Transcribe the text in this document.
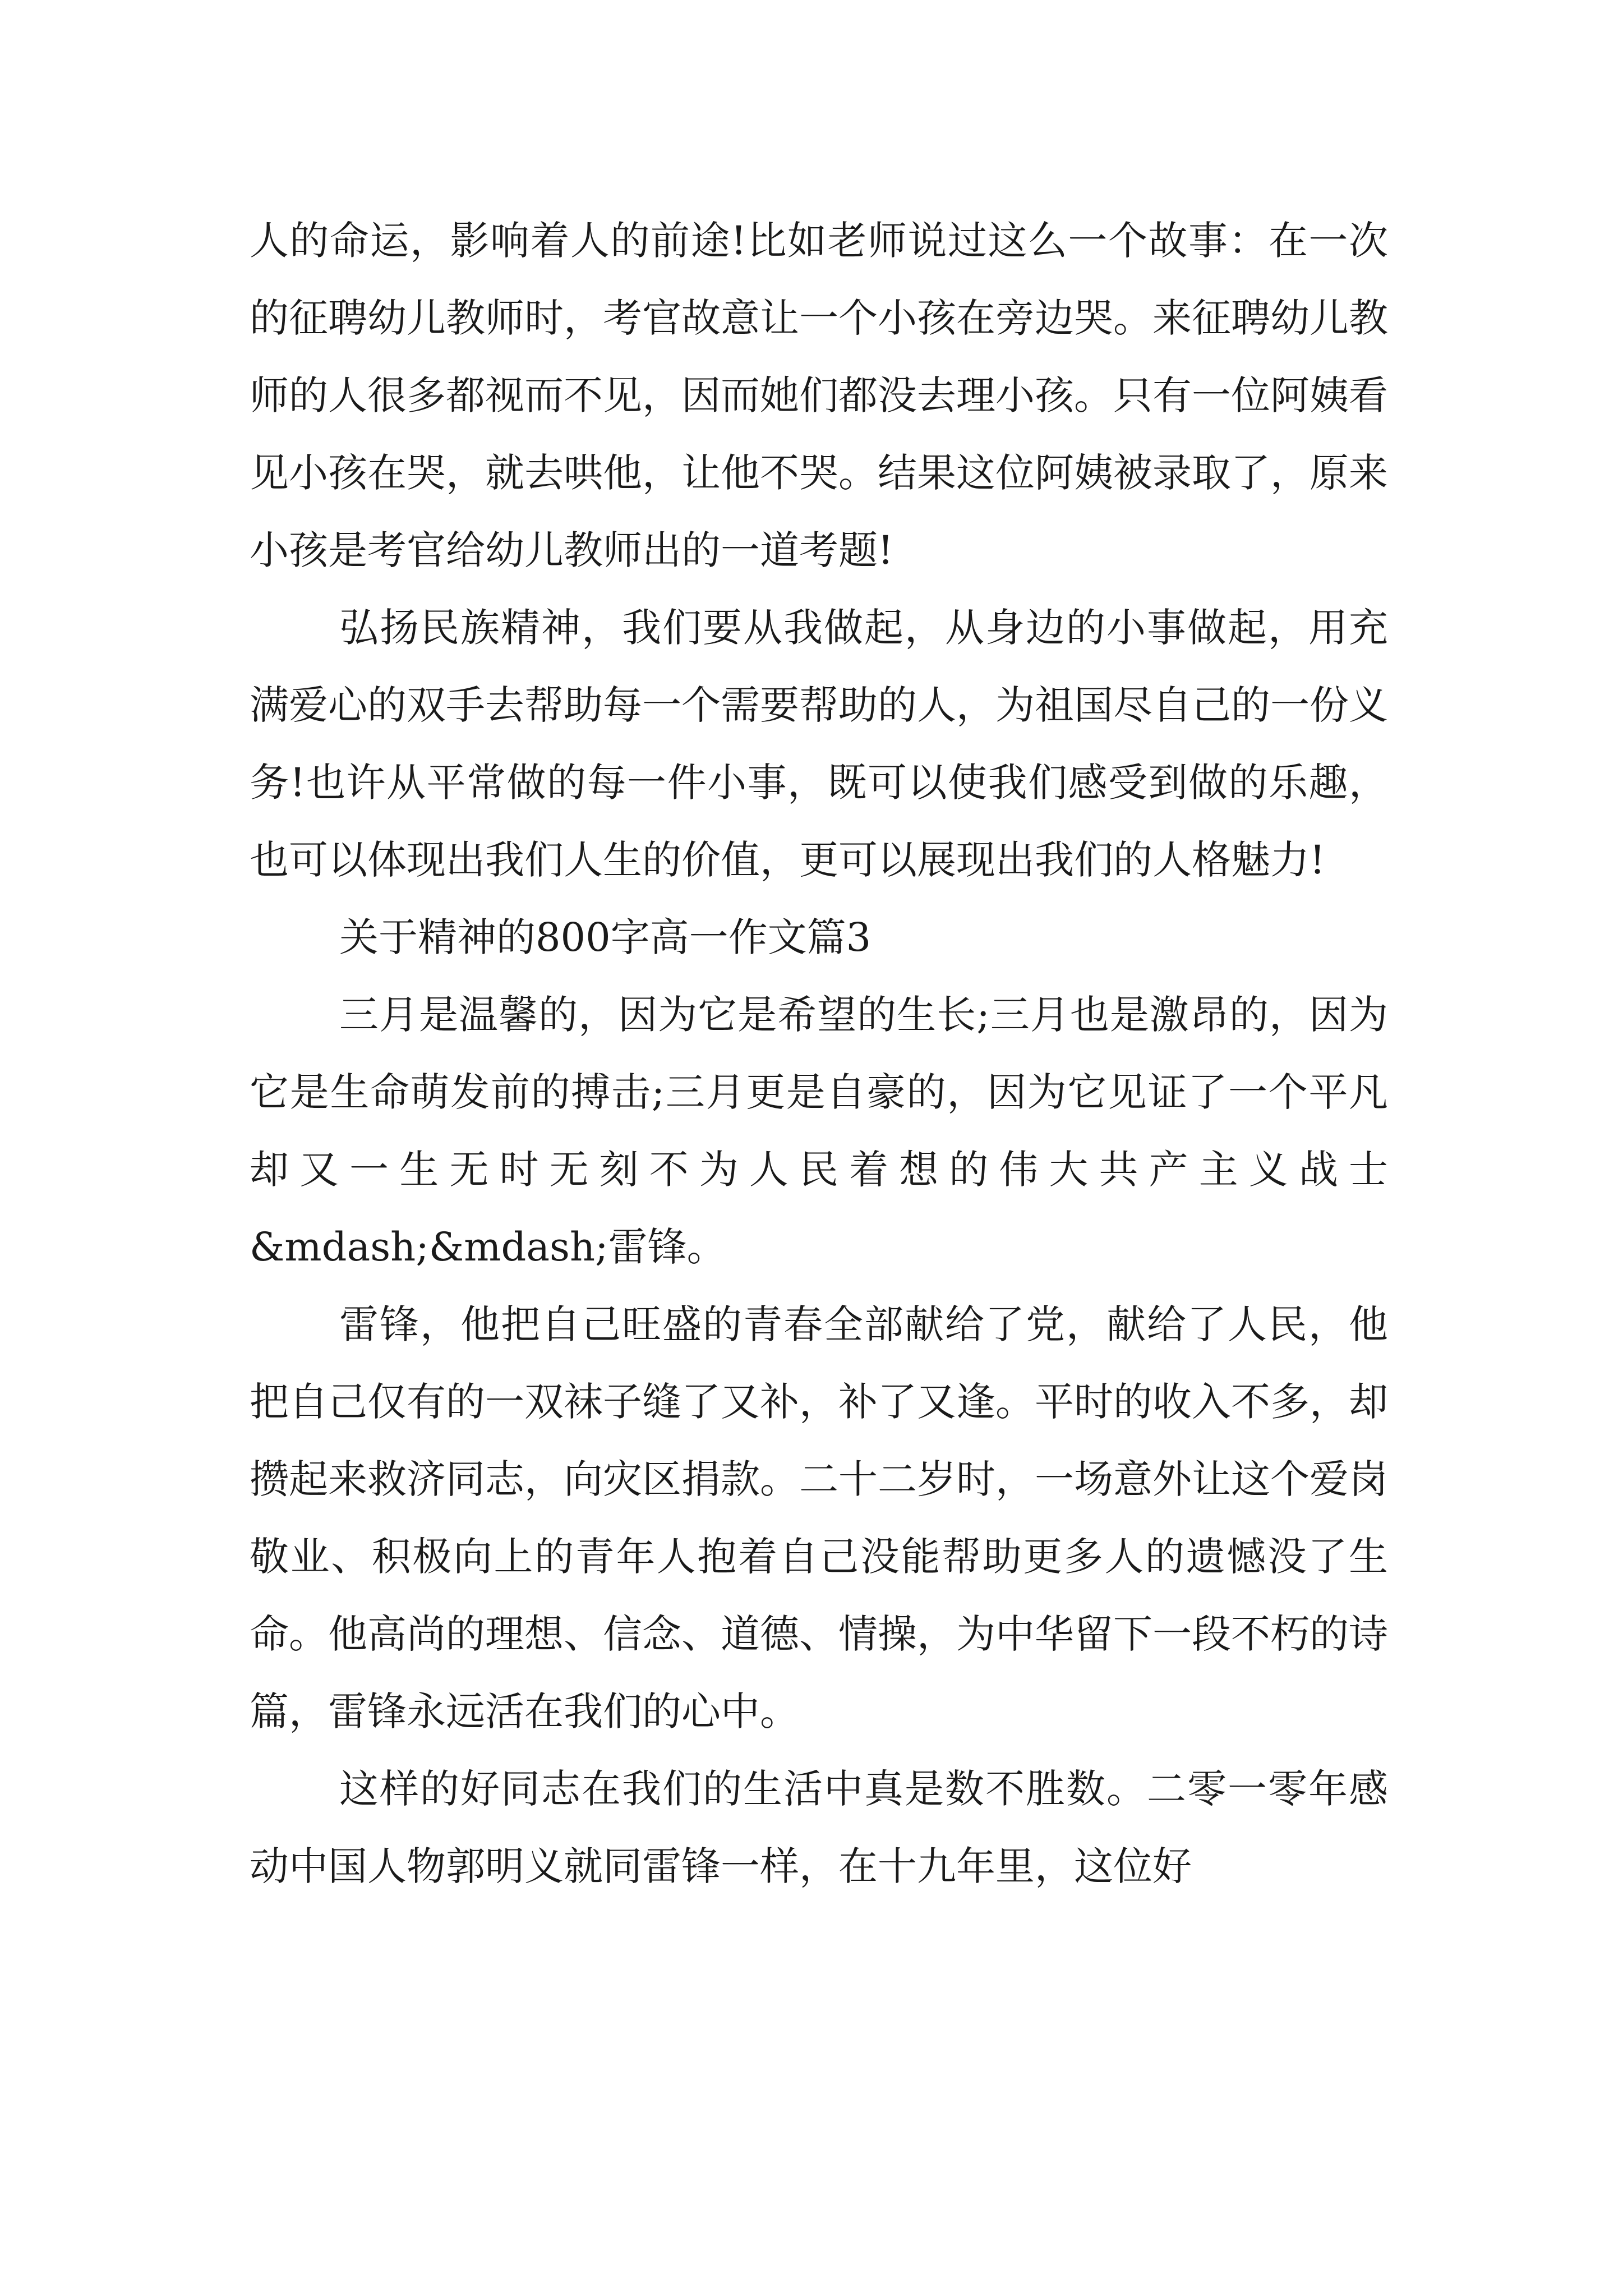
人的命运，影响着人的前途!比如老师说过这么一个故事：在一次的征聘幼儿教师时，考官故意让一个小孩在旁边哭。来征聘幼儿教师的人很多都视而不见，因而她们都没去理小孩。只有一位阿姨看见小孩在哭，就去哄他，让他不哭。结果这位阿姨被录取了，原来小孩是考官给幼儿教师出的一道考题!

弘扬民族精神，我们要从我做起，从身边的小事做起，用充满爱心的双手去帮助每一个需要帮助的人，为祖国尽自己的一份义务!也许从平常做的每一件小事，既可以使我们感受到做的乐趣，也可以体现出我们人生的价值，更可以展现出我们的人格魅力!

关于精神的800字高一作文篇3

三月是温馨的，因为它是希望的生长;三月也是激昂的，因为它是生命萌发前的搏击;三月更是自豪的，因为它见证了一个平凡却又一生无时无刻不为人民着想的伟大共产主义战士&mdash;&mdash;雷锋。

雷锋，他把自己旺盛的青春全部献给了党，献给了人民，他把自己仅有的一双袜子缝了又补，补了又逢。平时的收入不多，却攒起来救济同志，向灾区捐款。二十二岁时，一场意外让这个爱岗敬业、积极向上的青年人抱着自己没能帮助更多人的遗憾没了生命。他高尚的理想、信念、道德、情操，为中华留下一段不朽的诗篇，雷锋永远活在我们的心中。

这样的好同志在我们的生活中真是数不胜数。二零一零年感动中国人物郭明义就同雷锋一样，在十九年里，这位好
